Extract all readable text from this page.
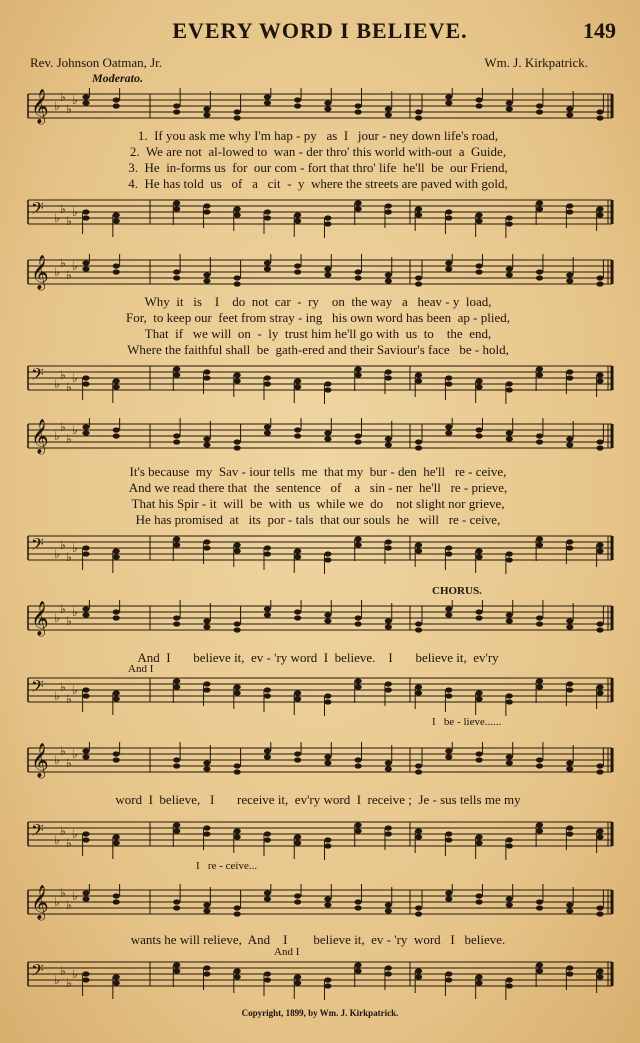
EVERY WORD I BELIEVE.	149
Rev. Johnson Oatman, Jr.	Wm. J. Kirkpatrick.
Moderato.
𝄞 ♭
♭
♭
♭
1.  If you ask me why I'm hap - py   as  I   jour - ney down life's road,
2.  We are not  al-lowed to  wan - der thro' this world with-out  a  Guide,
3.  He  in-forms us  for  our com - fort that thro' life  he'll  be  our Friend,
4.  He has told  us   of   a   cit  -  y  where the streets are paved with gold,
𝄢 ♭
♭
♭
♭
𝄞 ♭
♭
♭
♭
Why  it   is    I    do  not  car  -  ry    on  the way   a   heav - y  load,
For,  to keep our  feet from stray - ing   his own word has been  ap - plied,
That  if   we will  on  -  ly  trust him he'll go with  us  to    the  end,
Where the faithful shall  be  gath-ered and their Saviour's face   be - hold,
𝄢 ♭
♭
♭
♭
𝄞 ♭
♭
♭
♭
It's because  my  Sav - iour tells  me  that my  bur - den  he'll   re - ceive,
And we read there that  the  sentence   of    a   sin - ner  he'll   re - prieve,
That his Spir - it  will  be  with  us  while we  do    not slight nor grieve,
He has promised  at   its  por - tals  that our souls  he   will   re - ceive,
𝄢 ♭
♭
♭
♭
CHORUS.
𝄞 ♭
♭
♭
♭
And  I       believe it,  ev - 'ry word  I  believe.    I       believe it,  ev'ry
And I
𝄢 ♭
♭
♭
♭
I   be - lieve......
𝄞 ♭
♭
♭
♭
word  I  believe,   I       receive it,  ev'ry word  I  receive ;  Je - sus tells me my
𝄢 ♭
♭
♭
♭
I   re - ceive...
𝄞 ♭
♭
♭
♭
wants he will relieve,  And    I        believe it,  ev - 'ry  word   I   believe.
And I
𝄢 ♭
♭
♭
♭
Copyright, 1899, by Wm. J. Kirkpatrick.
